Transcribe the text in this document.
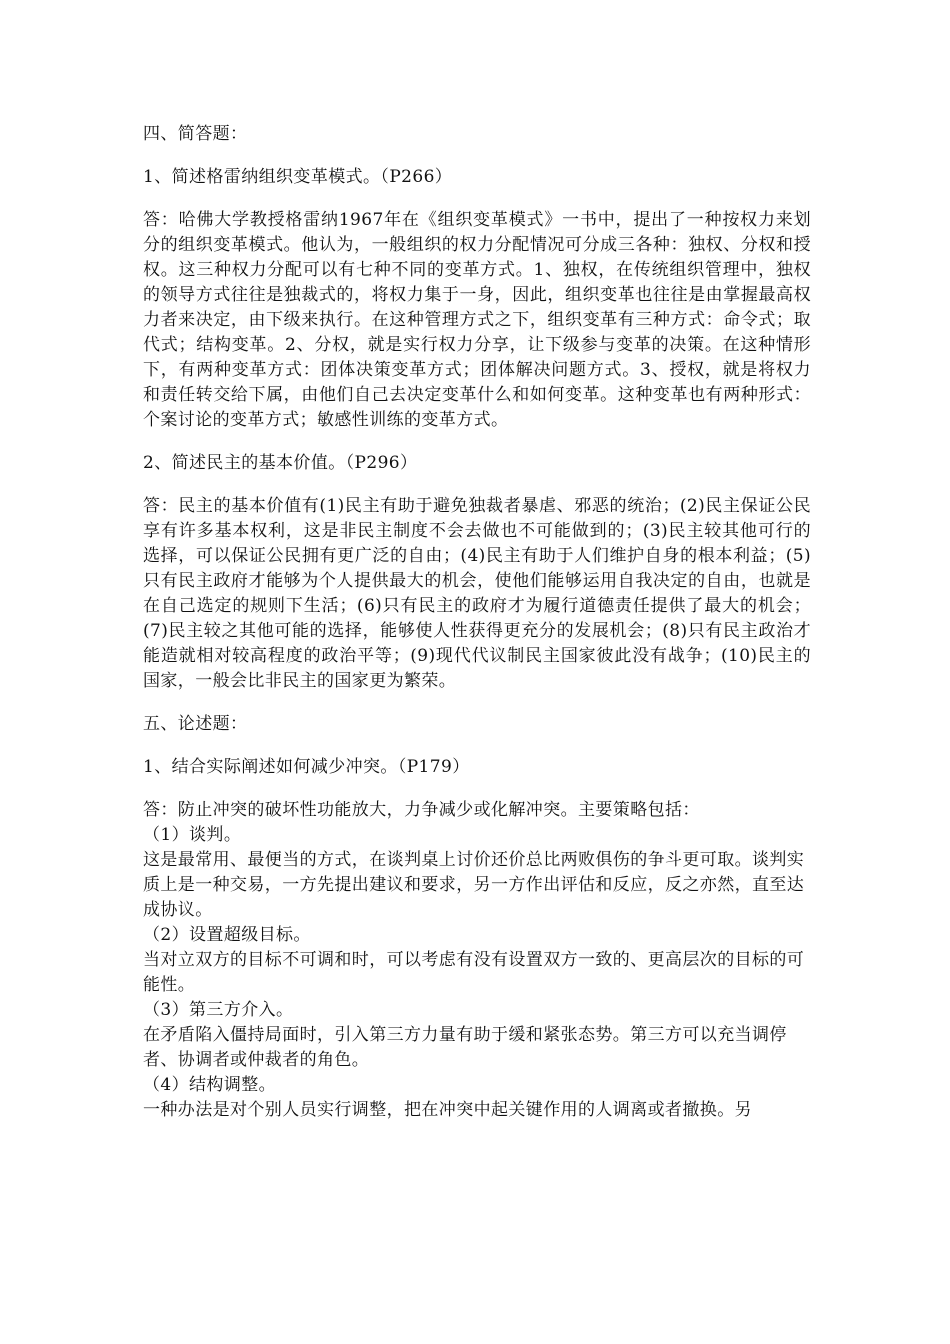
四、简答题：

1、简述格雷纳组织变革模式。（P266）

答：哈佛大学教授格雷纳1967年在《组织变革模式》一书中，提出了一种按权力来划分的组织变革模式。他认为，一般组织的权力分配情况可分成三各种：独权、分权和授权。这三种权力分配可以有七种不同的变革方式。1、独权，在传统组织管理中，独权的领导方式往往是独裁式的，将权力集于一身，因此，组织变革也往往是由掌握最高权力者来决定，由下级来执行。在这种管理方式之下，组织变革有三种方式：命令式；取代式；结构变革。2、分权，就是实行权力分享，让下级参与变革的决策。在这种情形下，有两种变革方式：团体决策变革方式；团体解决问题方式。3、授权，就是将权力和责任转交给下属，由他们自己去决定变革什么和如何变革。这种变革也有两种形式：个案讨论的变革方式；敏感性训练的变革方式。

2、简述民主的基本价值。（P296）

答：民主的基本价值有(1)民主有助于避免独裁者暴虐、邪恶的统治；(2)民主保证公民享有许多基本权利，这是非民主制度不会去做也不可能做到的；(3)民主较其他可行的选择，可以保证公民拥有更广泛的自由；(4)民主有助于人们维护自身的根本利益；(5)只有民主政府才能够为个人提供最大的机会，使他们能够运用自我决定的自由，也就是在自己选定的规则下生活；(6)只有民主的政府才为履行道德责任提供了最大的机会；(7)民主较之其他可能的选择，能够使人性获得更充分的发展机会；(8)只有民主政治才能造就相对较高程度的政治平等；(9)现代代议制民主国家彼此没有战争；(10)民主的国家，一般会比非民主的国家更为繁荣。

五、论述题：

1、结合实际阐述如何减少冲突。（P179）

答：防止冲突的破坏性功能放大，力争减少或化解冲突。主要策略包括：

（1）谈判。

这是最常用、最便当的方式，在谈判桌上讨价还价总比两败俱伤的争斗更可取。谈判实质上是一种交易，一方先提出建议和要求，另一方作出评估和反应，反之亦然，直至达成协议。

（2）设置超级目标。

当对立双方的目标不可调和时，可以考虑有没有设置双方一致的、更高层次的目标的可能性。

（3）第三方介入。

在矛盾陷入僵持局面时，引入第三方力量有助于缓和紧张态势。第三方可以充当调停者、协调者或仲裁者的角色。

（4）结构调整。

一种办法是对个别人员实行调整，把在冲突中起关键作用的人调离或者撤换。另
